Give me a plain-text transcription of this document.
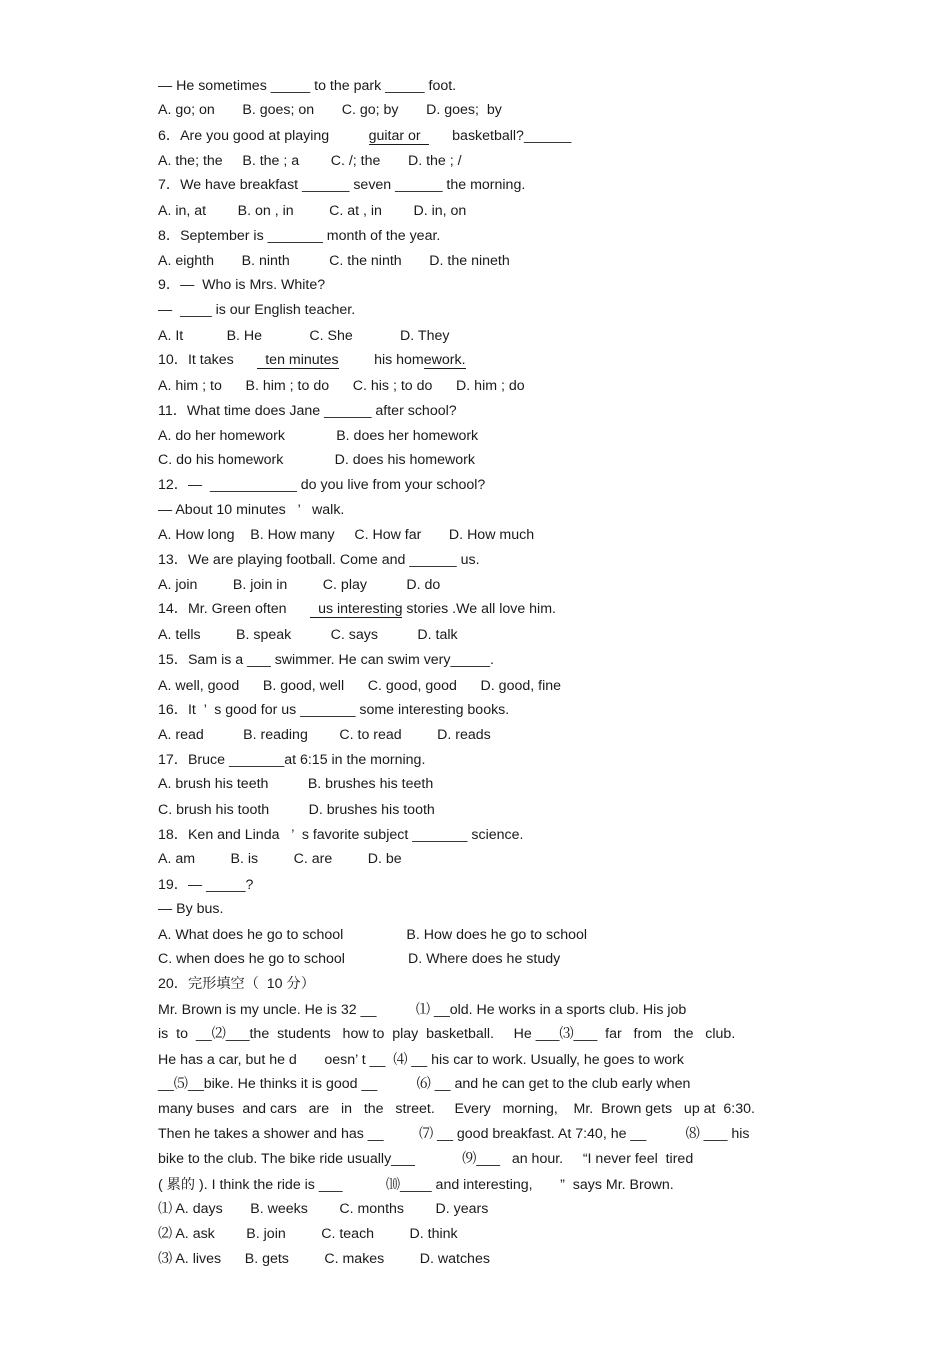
— He sometimes _____ to the park _____ foot.
A. go; on       B. goes; on       C. go; by       D. goes;  by
6．Are you good at playing          guitar or        basketball?______
A. the; the     B. the ; a        C. /; the       D. the ; /
7．We have breakfast ______ seven ______ the morning.
A. in, at        B. on , in         C. at , in        D. in, on
8．September is _______ month of the year.
A. eighth       B. ninth          C. the ninth       D. the nineth
9．—  Who is Mrs. White?
—  ____ is our English teacher.
A. It           B. He            C. She            D. They
10．It takes        ten minutes         his homework.
A. him ; to      B. him ; to do      C. his ; to do      D. him ; do
11．What time does Jane ______ after school?
A. do her homework             B. does her homework
C. do his homework             D. does his homework
12．—  ___________ do you live from your school?
— About 10 minutes   ’   walk.
A. How long    B. How many     C. How far       D. How much
13．We are playing football. Come and ______ us.
A. join         B. join in         C. play          D. do
14．Mr. Green often        us interesting stories .We all love him.
A. tells         B. speak          C. says          D. talk
15．Sam is a ___ swimmer. He can swim very_____.
A. well, good      B. good, well      C. good, good      D. good, fine
16．It  ’  s good for us _______ some interesting books.
A. read          B. reading        C. to read         D. reads
17．Bruce _______at 6:15 in the morning.
A. brush his teeth          B. brushes his teeth
C. brush his tooth          D. brushes his tooth
18．Ken and Linda   ’  s favorite subject _______ science.
A. am         B. is         C. are         D. be
19．— _____?
— By bus.
A. What does he go to school                B. How does he go to school
C. when does he go to school                D. Where does he study
20．完形填空（  10 分）
Mr. Brown is my uncle. He is 32 __          ⑴ __old. He works in a sports club. His job
is  to  __⑵___the  students   how to  play  basketball.     He ___⑶___  far   from   the   club.
He has a car, but he d       oesn’ t __  ⑷ __ his car to work. Usually, he goes to work
__⑸__bike. He thinks it is good __          ⑹ __ and he can get to the club early when
many buses  and cars   are   in   the   street.     Every   morning,    Mr.  Brown gets   up at  6:30.
Then he takes a shower and has __         ⑺ __ good breakfast. At 7:40, he __          ⑻ ___ his
bike to the club. The bike ride usually___            ⑼___   an hour.     “I never feel  tired
( 累的 ). I think the ride is ___           ⑽____ and interesting,       ”  says Mr. Brown.
⑴ A. days       B. weeks        C. months        D. years
⑵ A. ask        B. join         C. teach         D. think
⑶ A. lives      B. gets         C. makes         D. watches
